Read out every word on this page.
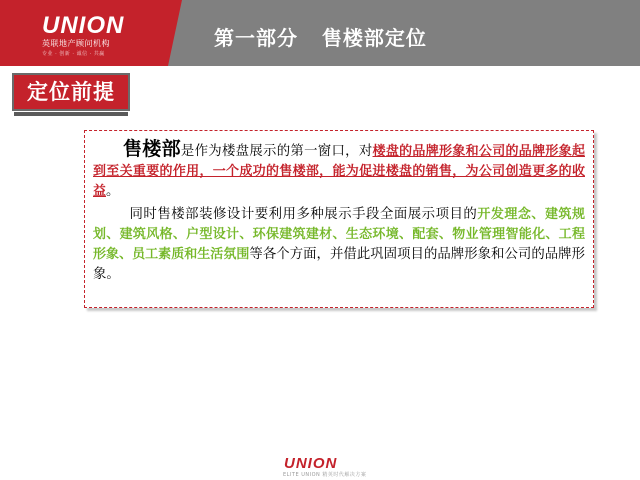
UNION
英联地产顾问机构
专业 · 创新 · 诚信 · 共赢
第一部分   售楼部定位
定位前提
售楼部是作为楼盘展示的第一窗口，对楼盘的品牌形象和公司的品牌形象起到至关重要的作用，一个成功的售楼部，能为促进楼盘的销售，为公司创造更多的收益。
同时售楼部装修设计要利用多种展示手段全面展示项目的开发理念、建筑规划、建筑风格、户型设计、环保建筑建材、生态环境、配套、物业管理智能化、工程形象、员工素质和生活氛围等各个方面，并借此巩固项目的品牌形象和公司的品牌形象。
UNION
ELITE UNION 精英时代解决方案
